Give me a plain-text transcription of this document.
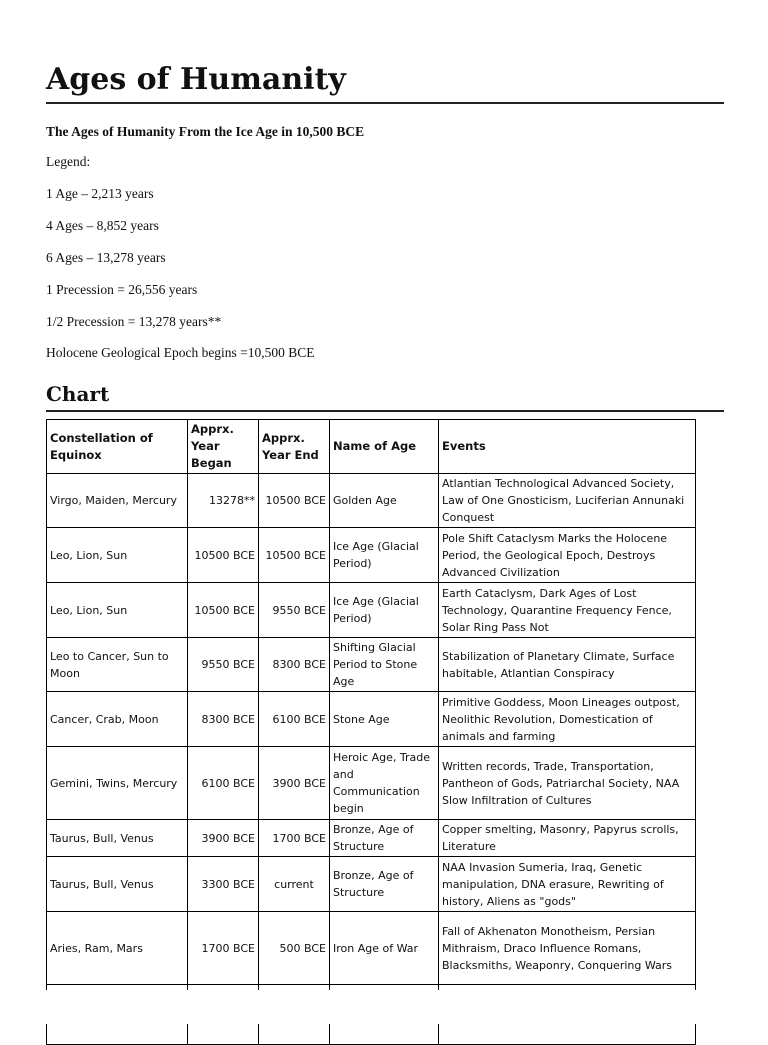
Ages of Humanity
The Ages of Humanity From the Ice Age in 10,500 BCE
Legend:
1 Age – 2,213 years
4 Ages – 8,852 years
6 Ages – 13,278 years
1 Precession = 26,556 years
1/2 Precession = 13,278 years**
Holocene Geological Epoch begins =10,500 BCE
Chart
Constellation of Equinox	Apprx. Year Began	Apprx. Year End	Name of Age	Events
Virgo, Maiden, Mercury	13278**	10500 BCE	Golden Age	Atlantian Technological Advanced Society, Law of One Gnosticism, Luciferian Annunaki Conquest
Leo, Lion, Sun	10500 BCE	10500 BCE	Ice Age (Glacial Period)	Pole Shift Cataclysm Marks the Holocene Period, the Geological Epoch, Destroys Advanced Civilization
Leo, Lion, Sun	10500 BCE	9550 BCE	Ice Age (Glacial Period)	Earth Cataclysm, Dark Ages of Lost Technology, Quarantine Frequency Fence, Solar Ring Pass Not
Leo to Cancer, Sun to Moon	9550 BCE	8300 BCE	Shifting Glacial Period to Stone Age	Stabilization of Planetary Climate, Surface habitable, Atlantian Conspiracy
Cancer, Crab, Moon	8300 BCE	6100 BCE	Stone Age	Primitive Goddess, Moon Lineages outpost, Neolithic Revolution, Domestication of animals and farming
Gemini, Twins, Mercury	6100 BCE	3900 BCE	Heroic Age, Trade and Communication begin	Written records, Trade, Transportation, Pantheon of Gods, Patriarchal Society, NAA Slow Infiltration of Cultures
Taurus, Bull, Venus	3900 BCE	1700 BCE	Bronze, Age of Structure	Copper smelting, Masonry, Papyrus scrolls, Literature
Taurus, Bull, Venus	3300 BCE	current	Bronze, Age of Structure	NAA Invasion Sumeria, Iraq, Genetic manipulation, DNA erasure, Rewriting of history, Aliens as "gods"
Aries, Ram, Mars	1700 BCE	500 BCE	Iron Age of War	Fall of Akhenaton Monotheism, Persian Mithraism, Draco Influence Romans, Blacksmiths, Weaponry, Conquering Wars
